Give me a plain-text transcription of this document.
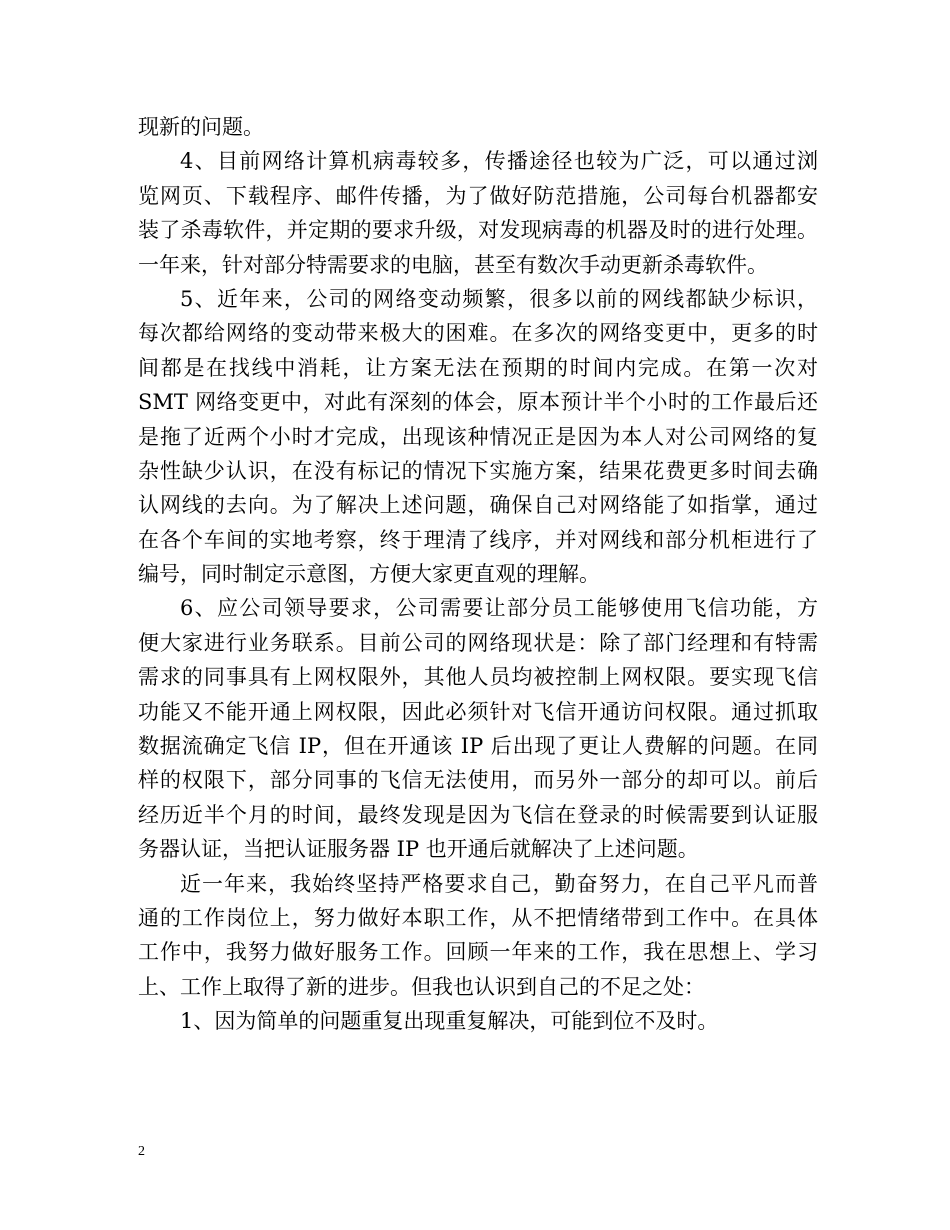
现新的问题。
4、目前网络计算机病毒较多，传播途径也较为广泛，可以通过浏
览网页、下载程序、邮件传播，为了做好防范措施，公司每台机器都安
装了杀毒软件，并定期的要求升级，对发现病毒的机器及时的进行处理。
一年来，针对部分特需要求的电脑，甚至有数次手动更新杀毒软件。
5、近年来，公司的网络变动频繁，很多以前的网线都缺少标识，
每次都给网络的变动带来极大的困难。在多次的网络变更中，更多的时
间都是在找线中消耗，让方案无法在预期的时间内完成。在第一次对
SMT 网络变更中，对此有深刻的体会，原本预计半个小时的工作最后还
是拖了近两个小时才完成，出现该种情况正是因为本人对公司网络的复
杂性缺少认识，在没有标记的情况下实施方案，结果花费更多时间去确
认网线的去向。为了解决上述问题，确保自己对网络能了如指掌，通过
在各个车间的实地考察，终于理清了线序，并对网线和部分机柜进行了
编号，同时制定示意图，方便大家更直观的理解。
6、应公司领导要求，公司需要让部分员工能够使用飞信功能，方
便大家进行业务联系。目前公司的网络现状是：除了部门经理和有特需
需求的同事具有上网权限外，其他人员均被控制上网权限。要实现飞信
功能又不能开通上网权限，因此必须针对飞信开通访问权限。通过抓取
数据流确定飞信 IP，但在开通该 IP 后出现了更让人费解的问题。在同
样的权限下，部分同事的飞信无法使用，而另外一部分的却可以。前后
经历近半个月的时间，最终发现是因为飞信在登录的时候需要到认证服
务器认证，当把认证服务器 IP 也开通后就解决了上述问题。
近一年来，我始终坚持严格要求自己，勤奋努力，在自己平凡而普
通的工作岗位上，努力做好本职工作，从不把情绪带到工作中。在具体
工作中，我努力做好服务工作。回顾一年来的工作，我在思想上、学习
上、工作上取得了新的进步。但我也认识到自己的不足之处：
1、因为简单的问题重复出现重复解决，可能到位不及时。
2
